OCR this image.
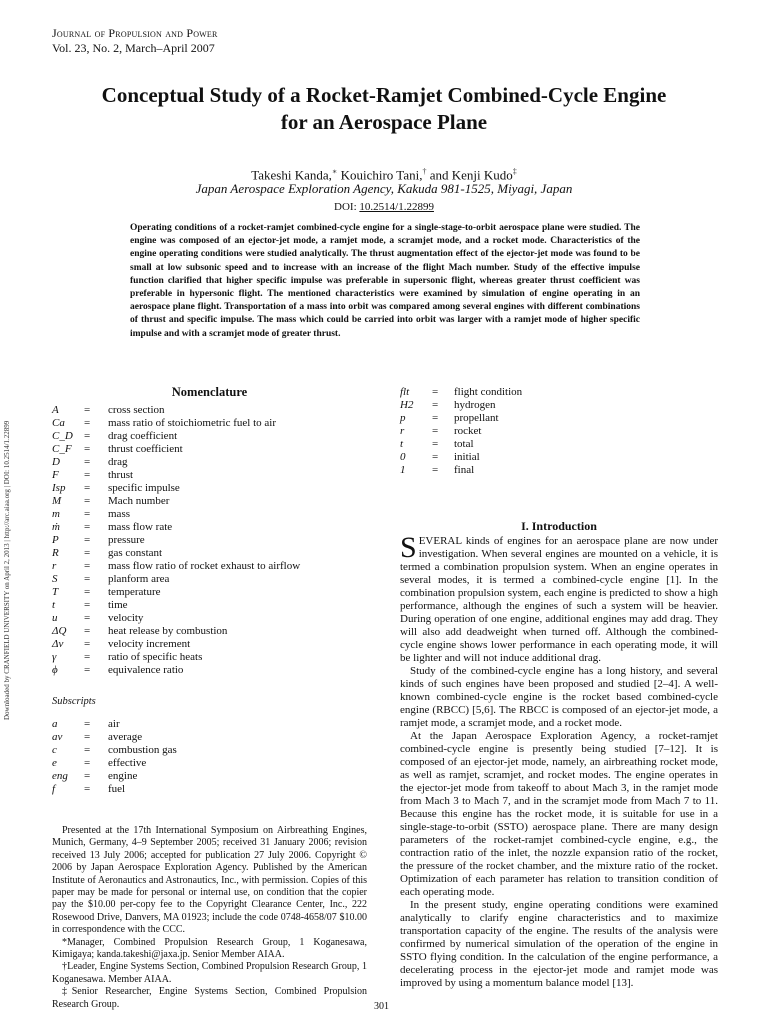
Journal of Propulsion and Power
Vol. 23, No. 2, March–April 2007
Conceptual Study of a Rocket-Ramjet Combined-Cycle Engine
for an Aerospace Plane
Takeshi Kanda,∗ Kouichiro Tani,† and Kenji Kudo‡
Japan Aerospace Exploration Agency, Kakuda 981-1525, Miyagi, Japan
DOI: 10.2514/1.22899
Operating conditions of a rocket-ramjet combined-cycle engine for a single-stage-to-orbit aerospace plane were studied. The engine was composed of an ejector-jet mode, a ramjet mode, a scramjet mode, and a rocket mode. Characteristics of the engine operating conditions were studied analytically. The thrust augmentation effect of the ejector-jet mode was found to be small at low subsonic speed and to increase with an increase of the flight Mach number. Study of the effective impulse function clarified that higher specific impulse was preferable in supersonic flight, whereas greater thrust coefficient was preferable in hypersonic flight. The mentioned characteristics were examined by simulation of engine operating in an aerospace plane flight. Transportation of a mass into orbit was compared among several engines with different combinations of thrust and specific impulse. The mass which could be carried into orbit was larger with a ramjet mode of higher specific impulse and with a scramjet mode of greater thrust.
Downloaded by CRANFIELD UNIVERSITY on April 2, 2013 | http://arc.aiaa.org | DOI: 10.2514/1.22899
Nomenclature
A = cross section
Ca = mass ratio of stoichiometric fuel to air
C_D = drag coefficient
C_F = thrust coefficient
D = drag
F = thrust
Isp = specific impulse
M = Mach number
m = mass
ṁ = mass flow rate
P = pressure
R = gas constant
r	= mass flow ratio of rocket exhaust to airflow
S = planform area
T = temperature
t	= time
u = velocity
ΔQ = heat release by combustion
Δv = velocity increment
γ	= ratio of specific heats
ϕ = equivalence ratio
Subscripts
a = air
av = average
c = combustion gas
e = effective
eng = engine
f	= fuel
flt = flight condition
H2 = hydrogen
p = propellant
r	= rocket
t	= total
0 = initial
1 = final
I. Introduction

SEVERAL kinds of engines for an aerospace plane are now under investigation. When several engines are mounted on a vehicle, it is termed a combination propulsion system. When an engine operates in several modes, it is termed a combined-cycle engine [1]. In the combination propulsion system, each engine is predicted to show a high performance, although the engines of such a system will be heavier. During operation of one engine, additional engines may add drag. They will also add deadweight when turned off. Although the combined-cycle engine shows lower performance in each operating mode, it will be lighter and will not induce additional drag.

Study of the combined-cycle engine has a long history, and several kinds of such engines have been proposed and studied [2–4]. A well-known combined-cycle engine is the rocket based combined-cycle engine (RBCC) [5,6]. The RBCC is composed of an ejector-jet mode, a ramjet mode, a scramjet mode, and a rocket mode.

At the Japan Aerospace Exploration Agency, a rocket-ramjet combined-cycle engine is presently being studied [7–12]. It is composed of an ejector-jet mode, namely, an airbreathing rocket mode, as well as ramjet, scramjet, and rocket modes. The engine operates in the ejector-jet mode from takeoff to about Mach 3, in the ramjet mode from Mach 3 to Mach 7, and in the scramjet mode from Mach 7 to 11. Because this engine has the rocket mode, it is suitable for use in a single-stage-to-orbit (SSTO) aerospace plane. There are many design parameters of the rocket-ramjet combined-cycle engine, e.g., the contraction ratio of the inlet, the nozzle expansion ratio of the rocket, the pressure of the rocket chamber, and the mixture ratio of the rocket. Optimization of each parameter has relation to transition condition of each operating mode.

In the present study, engine operating conditions were examined analytically to clarify engine characteristics and to maximize transportation capacity of the engine. The results of the analysis were confirmed by numerical simulation of the operation of the engine in SSTO flying condition. In the calculation of the engine performance, a decelerating process in the ejector-jet mode and ramjet mode was improved by using a momentum balance model [13].

Presented at the 17th International Symposium on Airbreathing Engines, Munich, Germany, 4–9 September 2005; received 31 January 2006; revision received 13 July 2006; accepted for publication 27 July 2006. Copyright © 2006 by Japan Aerospace Exploration Agency. Published by the American Institute of Aeronautics and Astronautics, Inc., with permission. Copies of this paper may be made for personal or internal use, on condition that the copier pay the $10.00 per-copy fee to the Copyright Clearance Center, Inc., 222 Rosewood Drive, Danvers, MA 01923; include the code 0748-4658/07 $10.00 in correspondence with the CCC.

*Manager, Combined Propulsion Research Group, 1 Koganesawa, Kimigaya; kanda.takeshi@jaxa.jp. Senior Member AIAA.

†Leader, Engine Systems Section, Combined Propulsion Research Group, 1 Koganesawa. Member AIAA.

‡Senior Researcher, Engine Systems Section, Combined Propulsion Research Group.	301
